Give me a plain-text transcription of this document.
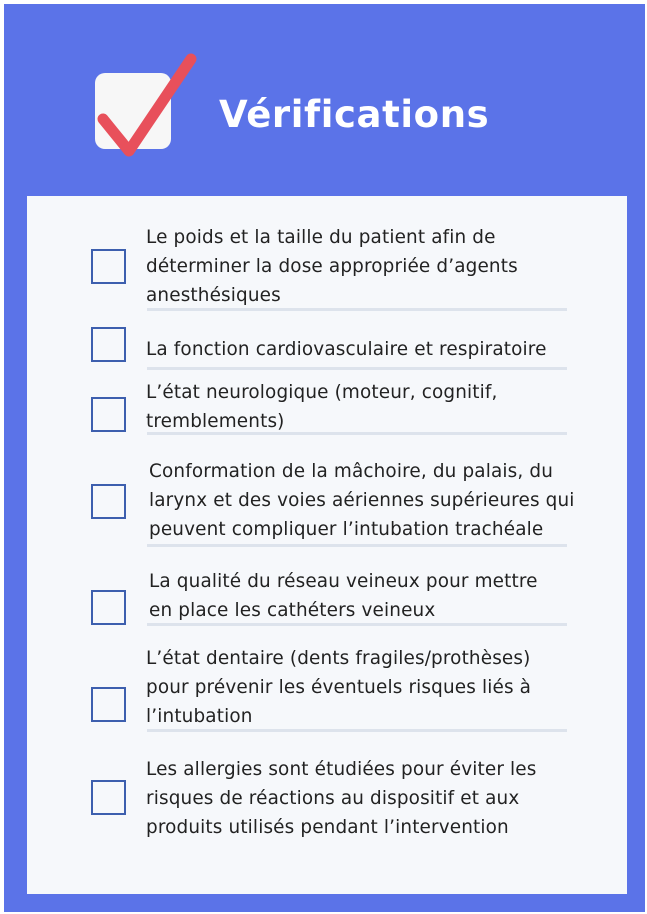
Vérifications
Le poids et la taille du patient afin de
déterminer la dose appropriée d’agents
anesthésiques
La fonction cardiovasculaire et respiratoire
L’état neurologique (moteur, cognitif,
tremblements)
Conformation de la mâchoire, du palais, du
larynx et des voies aériennes supérieures qui
peuvent compliquer l’intubation trachéale
La qualité du réseau veineux pour mettre
en place les cathéters veineux
L’état dentaire (dents fragiles/prothèses)
pour prévenir les éventuels risques liés à
l’intubation
Les allergies sont étudiées pour éviter les
risques de réactions au dispositif et aux
produits utilisés pendant l’intervention
